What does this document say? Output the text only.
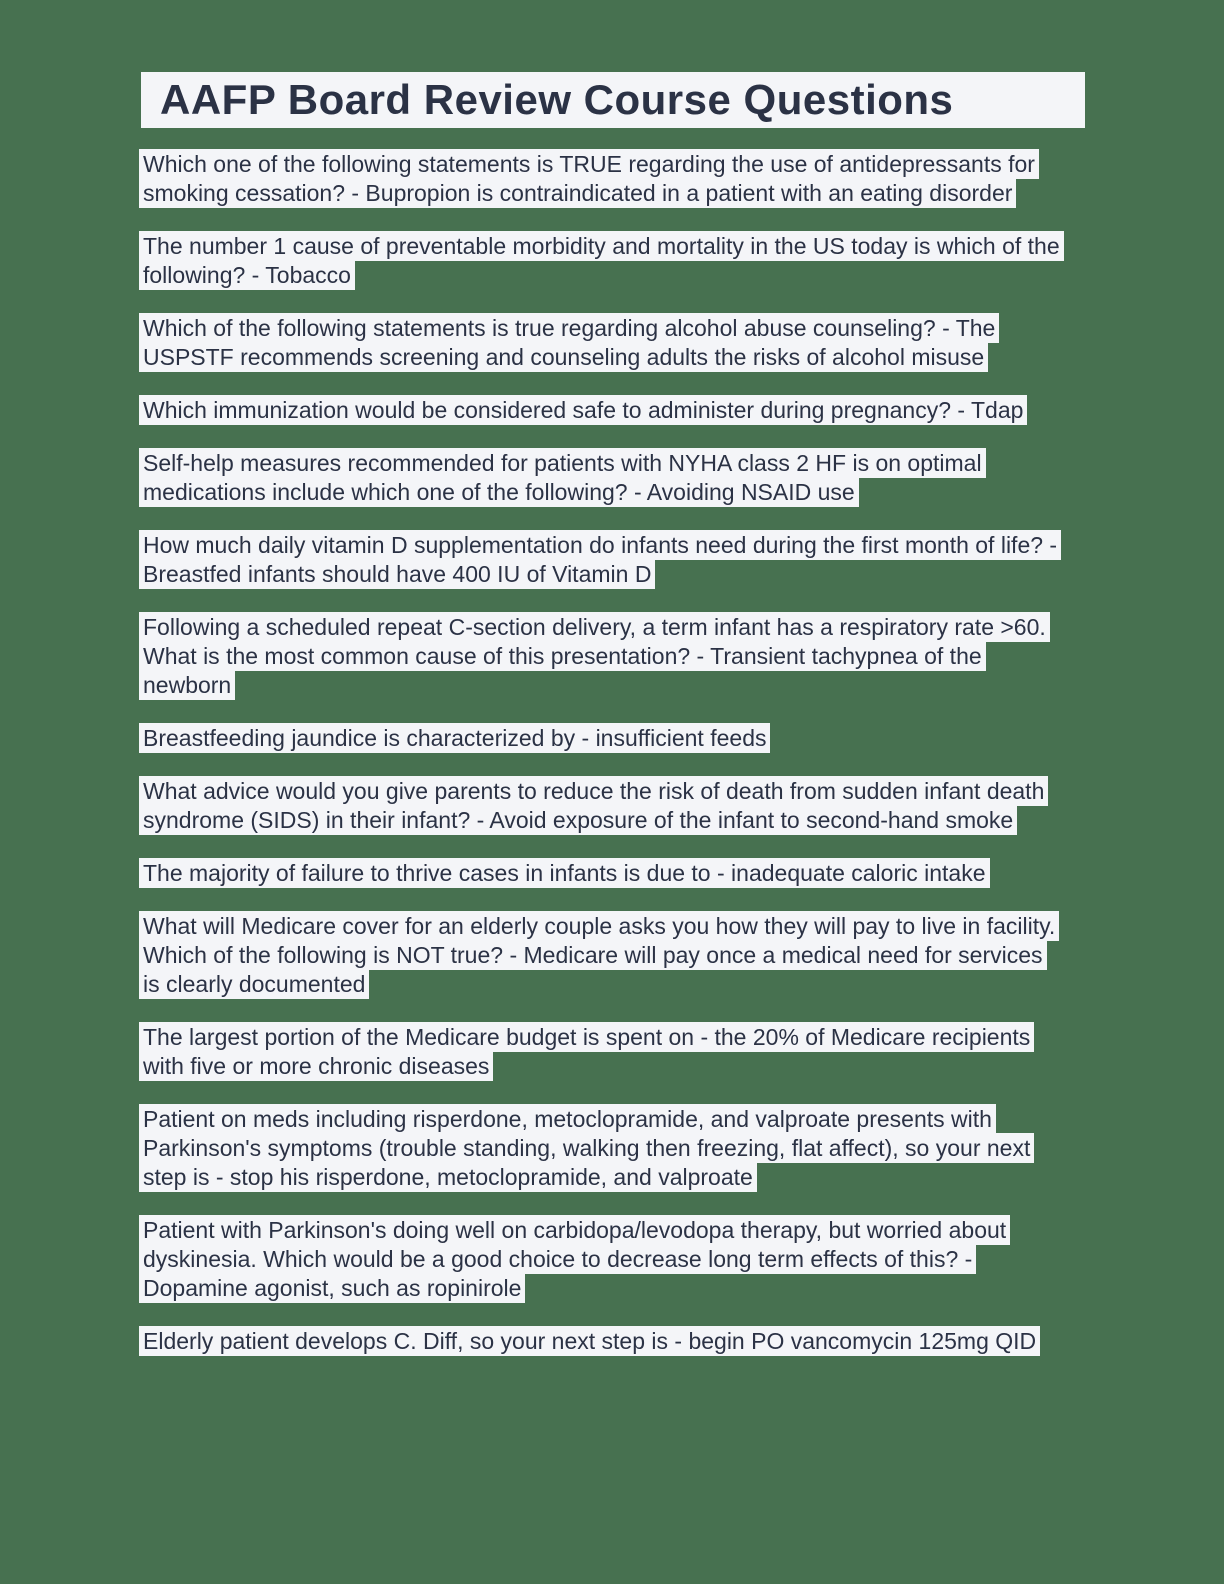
AAFP Board Review Course Questions

Which one of the following statements is TRUE regarding the use of antidepressants for smoking cessation? - Bupropion is contraindicated in a patient with an eating disorder

The number 1 cause of preventable morbidity and mortality in the US today is which of the following? - Tobacco

Which of the following statements is true regarding alcohol abuse counseling? - The USPSTF recommends screening and counseling adults the risks of alcohol misuse

Which immunization would be considered safe to administer during pregnancy? - Tdap

Self-help measures recommended for patients with NYHA class 2 HF is on optimal medications include which one of the following? - Avoiding NSAID use

How much daily vitamin D supplementation do infants need during the first month of life? - Breastfed infants should have 400 IU of Vitamin D

Following a scheduled repeat C-section delivery, a term infant has a respiratory rate >60. What is the most common cause of this presentation? - Transient tachypnea of the newborn

Breastfeeding jaundice is characterized by - insufficient feeds

What advice would you give parents to reduce the risk of death from sudden infant death syndrome (SIDS) in their infant? - Avoid exposure of the infant to second-hand smoke

The majority of failure to thrive cases in infants is due to - inadequate caloric intake

What will Medicare cover for an elderly couple asks you how they will pay to live in facility. Which of the following is NOT true? - Medicare will pay once a medical need for services is clearly documented

The largest portion of the Medicare budget is spent on - the 20% of Medicare recipients with five or more chronic diseases

Patient on meds including risperdone, metoclopramide, and valproate presents with Parkinson's symptoms (trouble standing, walking then freezing, flat affect), so your next step is - stop his risperdone, metoclopramide, and valproate

Patient with Parkinson's doing well on carbidopa/levodopa therapy, but worried about dyskinesia. Which would be a good choice to decrease long term effects of this? - Dopamine agonist, such as ropinirole

Elderly patient develops C. Diff, so your next step is - begin PO vancomycin 125mg QID
